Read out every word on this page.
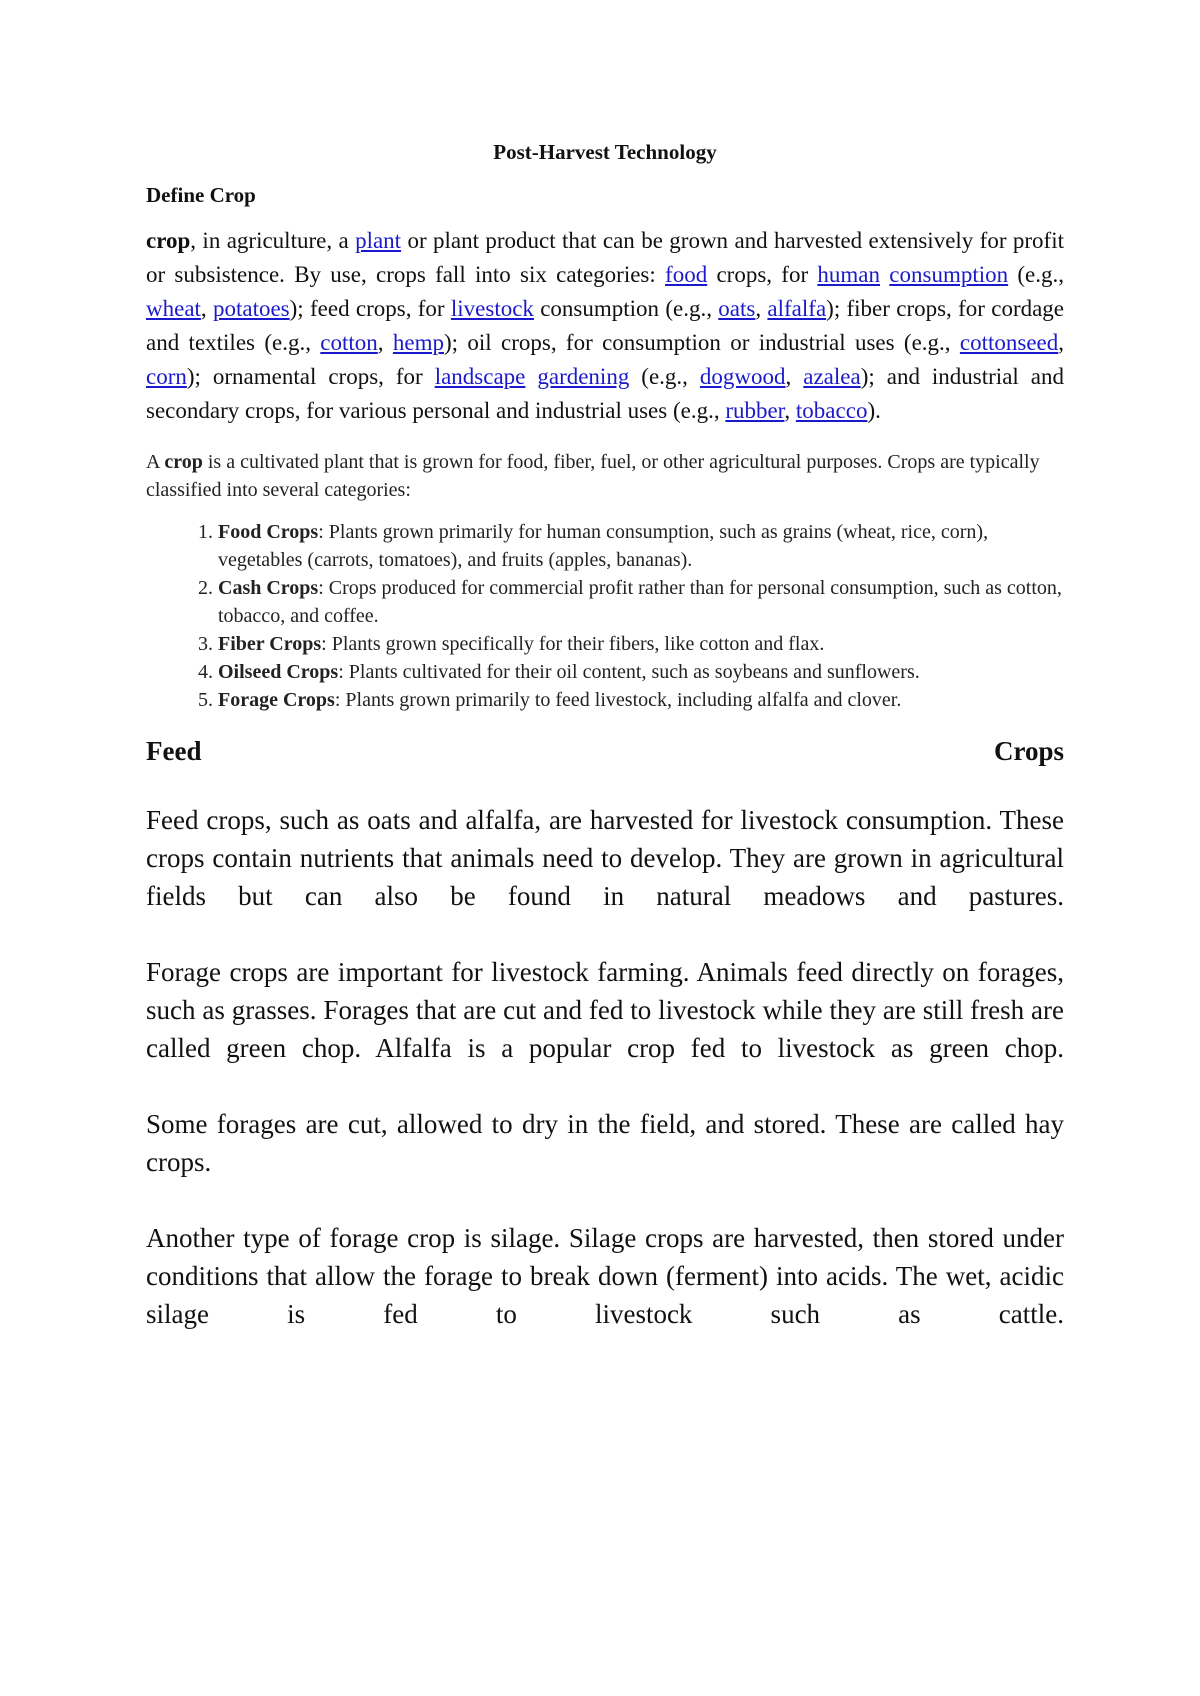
Post-Harvest Technology
Define Crop

crop, in agriculture, a plant or plant product that can be grown and harvested extensively for profit or subsistence. By use, crops fall into six categories: food crops, for human consumption (e.g., wheat, potatoes); feed crops, for livestock consumption (e.g., oats, alfalfa); fiber crops, for cordage and textiles (e.g., cotton, hemp); oil crops, for consumption or industrial uses (e.g., cottonseed, corn); ornamental crops, for landscape gardening (e.g., dogwood, azalea); and industrial and secondary crops, for various personal and industrial uses (e.g., rubber, tobacco).

A crop is a cultivated plant that is grown for food, fiber, fuel, or other agricultural purposes. Crops are typically classified into several categories:

1. Food Crops: Plants grown primarily for human consumption, such as grains (wheat, rice, corn), vegetables (carrots, tomatoes), and fruits (apples, bananas).
2. Cash Crops: Crops produced for commercial profit rather than for personal consumption, such as cotton, tobacco, and coffee.
3. Fiber Crops: Plants grown specifically for their fibers, like cotton and flax.
4. Oilseed Crops: Plants cultivated for their oil content, such as soybeans and sunflowers.
5. Forage Crops: Plants grown primarily to feed livestock, including alfalfa and clover.
Feed	Crops

Feed crops, such as oats and alfalfa, are harvested for livestock consumption. These crops contain nutrients that animals need to develop. They are grown in agricultural fields but can also be found in natural meadows and pastures.

Forage crops are important for livestock farming. Animals feed directly on forages, such as grasses. Forages that are cut and fed to livestock while they are still fresh are called green chop. Alfalfa is a popular crop fed to livestock as green chop.

Some forages are cut, allowed to dry in the field, and stored. These are called hay crops.

Another type of forage crop is silage. Silage crops are harvested, then stored under conditions that allow the forage to break down (ferment) into acids. The wet, acidic silage is fed to livestock such as cattle.
